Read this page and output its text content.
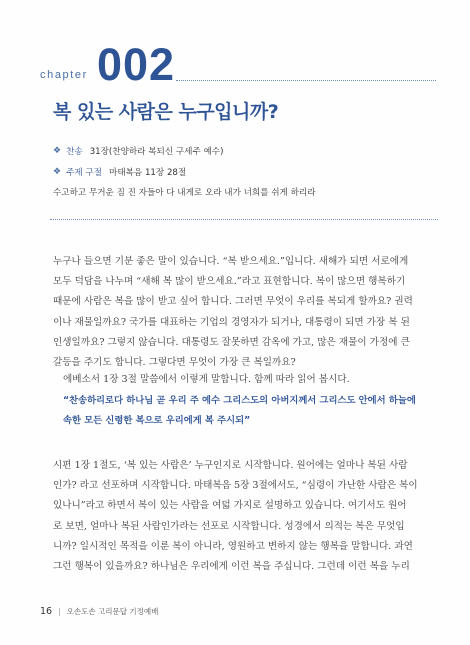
chapter 002
복 있는 사람은 누구입니까?
❖ 찬송 31장(찬양하라 복되신 구세주 예수)
❖ 주제 구절 마태복음 11장 28절
수고하고 무거운 짐 진 자들아 다 내게로 오라 내가 너희를 쉬게 하리라

누구나 들으면 기분 좋은 말이 있습니다. “복 받으세요.”입니다. 새해가 되면 서로에게
모두 덕담을 나누며 “새해 복 많이 받으세요.”라고 표현합니다. 복이 많으면 행복하기
때문에 사람은 복을 많이 받고 싶어 합니다. 그러면 무엇이 우리를 복되게 할까요? 권력
이나 재물일까요? 국가를 대표하는 기업의 경영자가 되거나, 대통령이 되면 가장 복 된
인생일까요? 그렇지 않습니다. 대통령도 잘못하면 감옥에 가고, 많은 재물이 가정에 큰
갈등을 주기도 합니다. 그렇다면 무엇이 가장 큰 복일까요?

에베소서 1장 3절 말씀에서 이렇게 말합니다. 함께 따라 읽어 봅시다.
“찬송하리로다 하나님 곧 우리 주 예수 그리스도의 아버지께서 그리스도 안에서 하늘에
속한 모든 신령한 복으로 우리에게 복 주시되”

시편 1장 1절도, ‘복 있는 사람은’ 누구인지로 시작합니다. 원어에는 얼마나 복된 사람
인가? 라고 선포하며 시작합니다. 마태복음 5장 3절에서도, “심령이 가난한 사람은 복이
있나니”라고 하면서 복이 있는 사람을 여덟 가지로 설명하고 있습니다. 여기서도 원어
로 보면, 얼마나 복된 사람인가라는 선포로 시작합니다. 성경에서 의적는 복은 무엇입
니까? 일시적인 목적을 이룬 복이 아니라, 영원하고 변하지 않는 행복을 말합니다. 과연
그런 행복이 있을까요? 하나님은 우리에게 이런 복을 주십니다. 그런데 이런 복을 누리

16 | 오손도손 고리문답 기정예배
